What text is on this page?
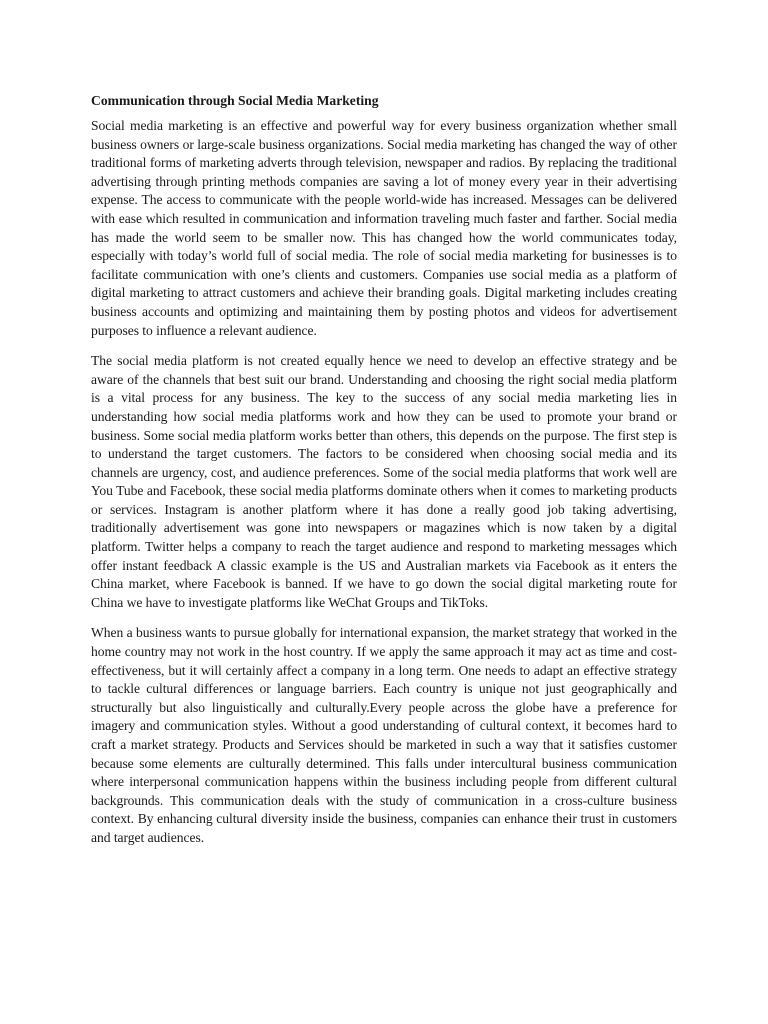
Communication through Social Media Marketing

Social media marketing is an effective and powerful way for every business organization whether small business owners or large-scale business organizations. Social media marketing has changed the way of other traditional forms of marketing adverts through television, newspaper and radios. By replacing the traditional advertising through printing methods companies are saving a lot of money every year in their advertising expense. The access to communicate with the people world-wide has increased. Messages can be delivered with ease which resulted in communication and information traveling much faster and farther. Social media has made the world seem to be smaller now. This has changed how the world communicates today, especially with today’s world full of social media. The role of social media marketing for businesses is to facilitate communication with one’s clients and customers. Companies use social media as a platform of digital marketing to attract customers and achieve their branding goals. Digital marketing includes creating business accounts and optimizing and maintaining them by posting photos and videos for advertisement purposes to influence a relevant audience.

The social media platform is not created equally hence we need to develop an effective strategy and be aware of the channels that best suit our brand. Understanding and choosing the right social media platform is a vital process for any business. The key to the success of any social media marketing lies in understanding how social media platforms work and how they can be used to promote your brand or business. Some social media platform works better than others, this depends on the purpose. The first step is to understand the target customers. The factors to be considered when choosing social media and its channels are urgency, cost, and audience preferences. Some of the social media platforms that work well are You Tube and Facebook, these social media platforms dominate others when it comes to marketing products or services. Instagram is another platform where it has done a really good job taking advertising, traditionally advertisement was gone into newspapers or magazines which is now taken by a digital platform. Twitter helps a company to reach the target audience and respond to marketing messages which offer instant feedback A classic example is the US and Australian markets via Facebook as it enters the China market, where Facebook is banned. If we have to go down the social digital marketing route for China we have to investigate platforms like WeChat Groups and TikToks.

When a business wants to pursue globally for international expansion, the market strategy that worked in the home country may not work in the host country. If we apply the same approach it may act as time and cost-effectiveness, but it will certainly affect a company in a long term. One needs to adapt an effective strategy to tackle cultural differences or language barriers. Each country is unique not just geographically and structurally but also linguistically and culturally.Every people across the globe have a preference for imagery and communication styles. Without a good understanding of cultural context, it becomes hard to craft a market strategy. Products and Services should be marketed in such a way that it satisfies customer because some elements are culturally determined. This falls under intercultural business communication where interpersonal communication happens within the business including people from different cultural backgrounds. This communication deals with the study of communication in a cross-culture business context. By enhancing cultural diversity inside the business, companies can enhance their trust in customers and target audiences.
